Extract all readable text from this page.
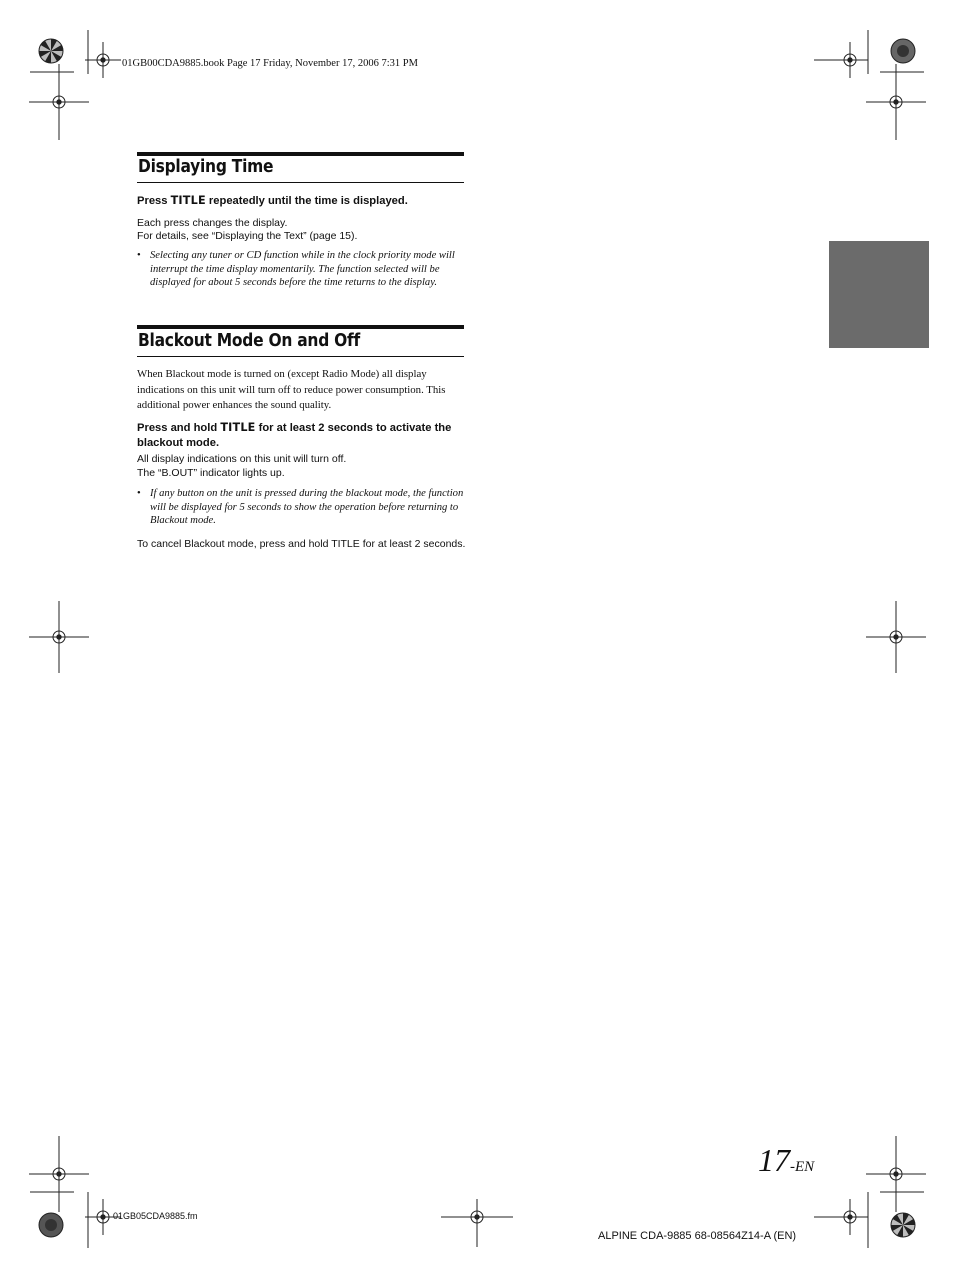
01GB00CDA9885.book Page 17 Friday, November 17, 2006 7:31 PM
Displaying Time
Press TITLE repeatedly until the time is displayed.
Each press changes the display.
For details, see “Displaying the Text” (page 15).
• Selecting any tuner or CD function while in the clock priority mode will interrupt the time display momentarily. The function selected will be displayed for about 5 seconds before the time returns to the display.
Blackout Mode On and Off
When Blackout mode is turned on (except Radio Mode) all display indications on this unit will turn off to reduce power consumption. This additional power enhances the sound quality.
Press and hold TITLE for at least 2 seconds to activate the blackout mode.
All display indications on this unit will turn off.
The “B.OUT” indicator lights up.
• If any button on the unit is pressed during the blackout mode, the function will be displayed for 5 seconds to show the operation before returning to Blackout mode.
To cancel Blackout mode, press and hold TITLE for at least 2 seconds.
17-EN
01GB05CDA9885.fm
ALPINE CDA-9885 68-08564Z14-A (EN)
